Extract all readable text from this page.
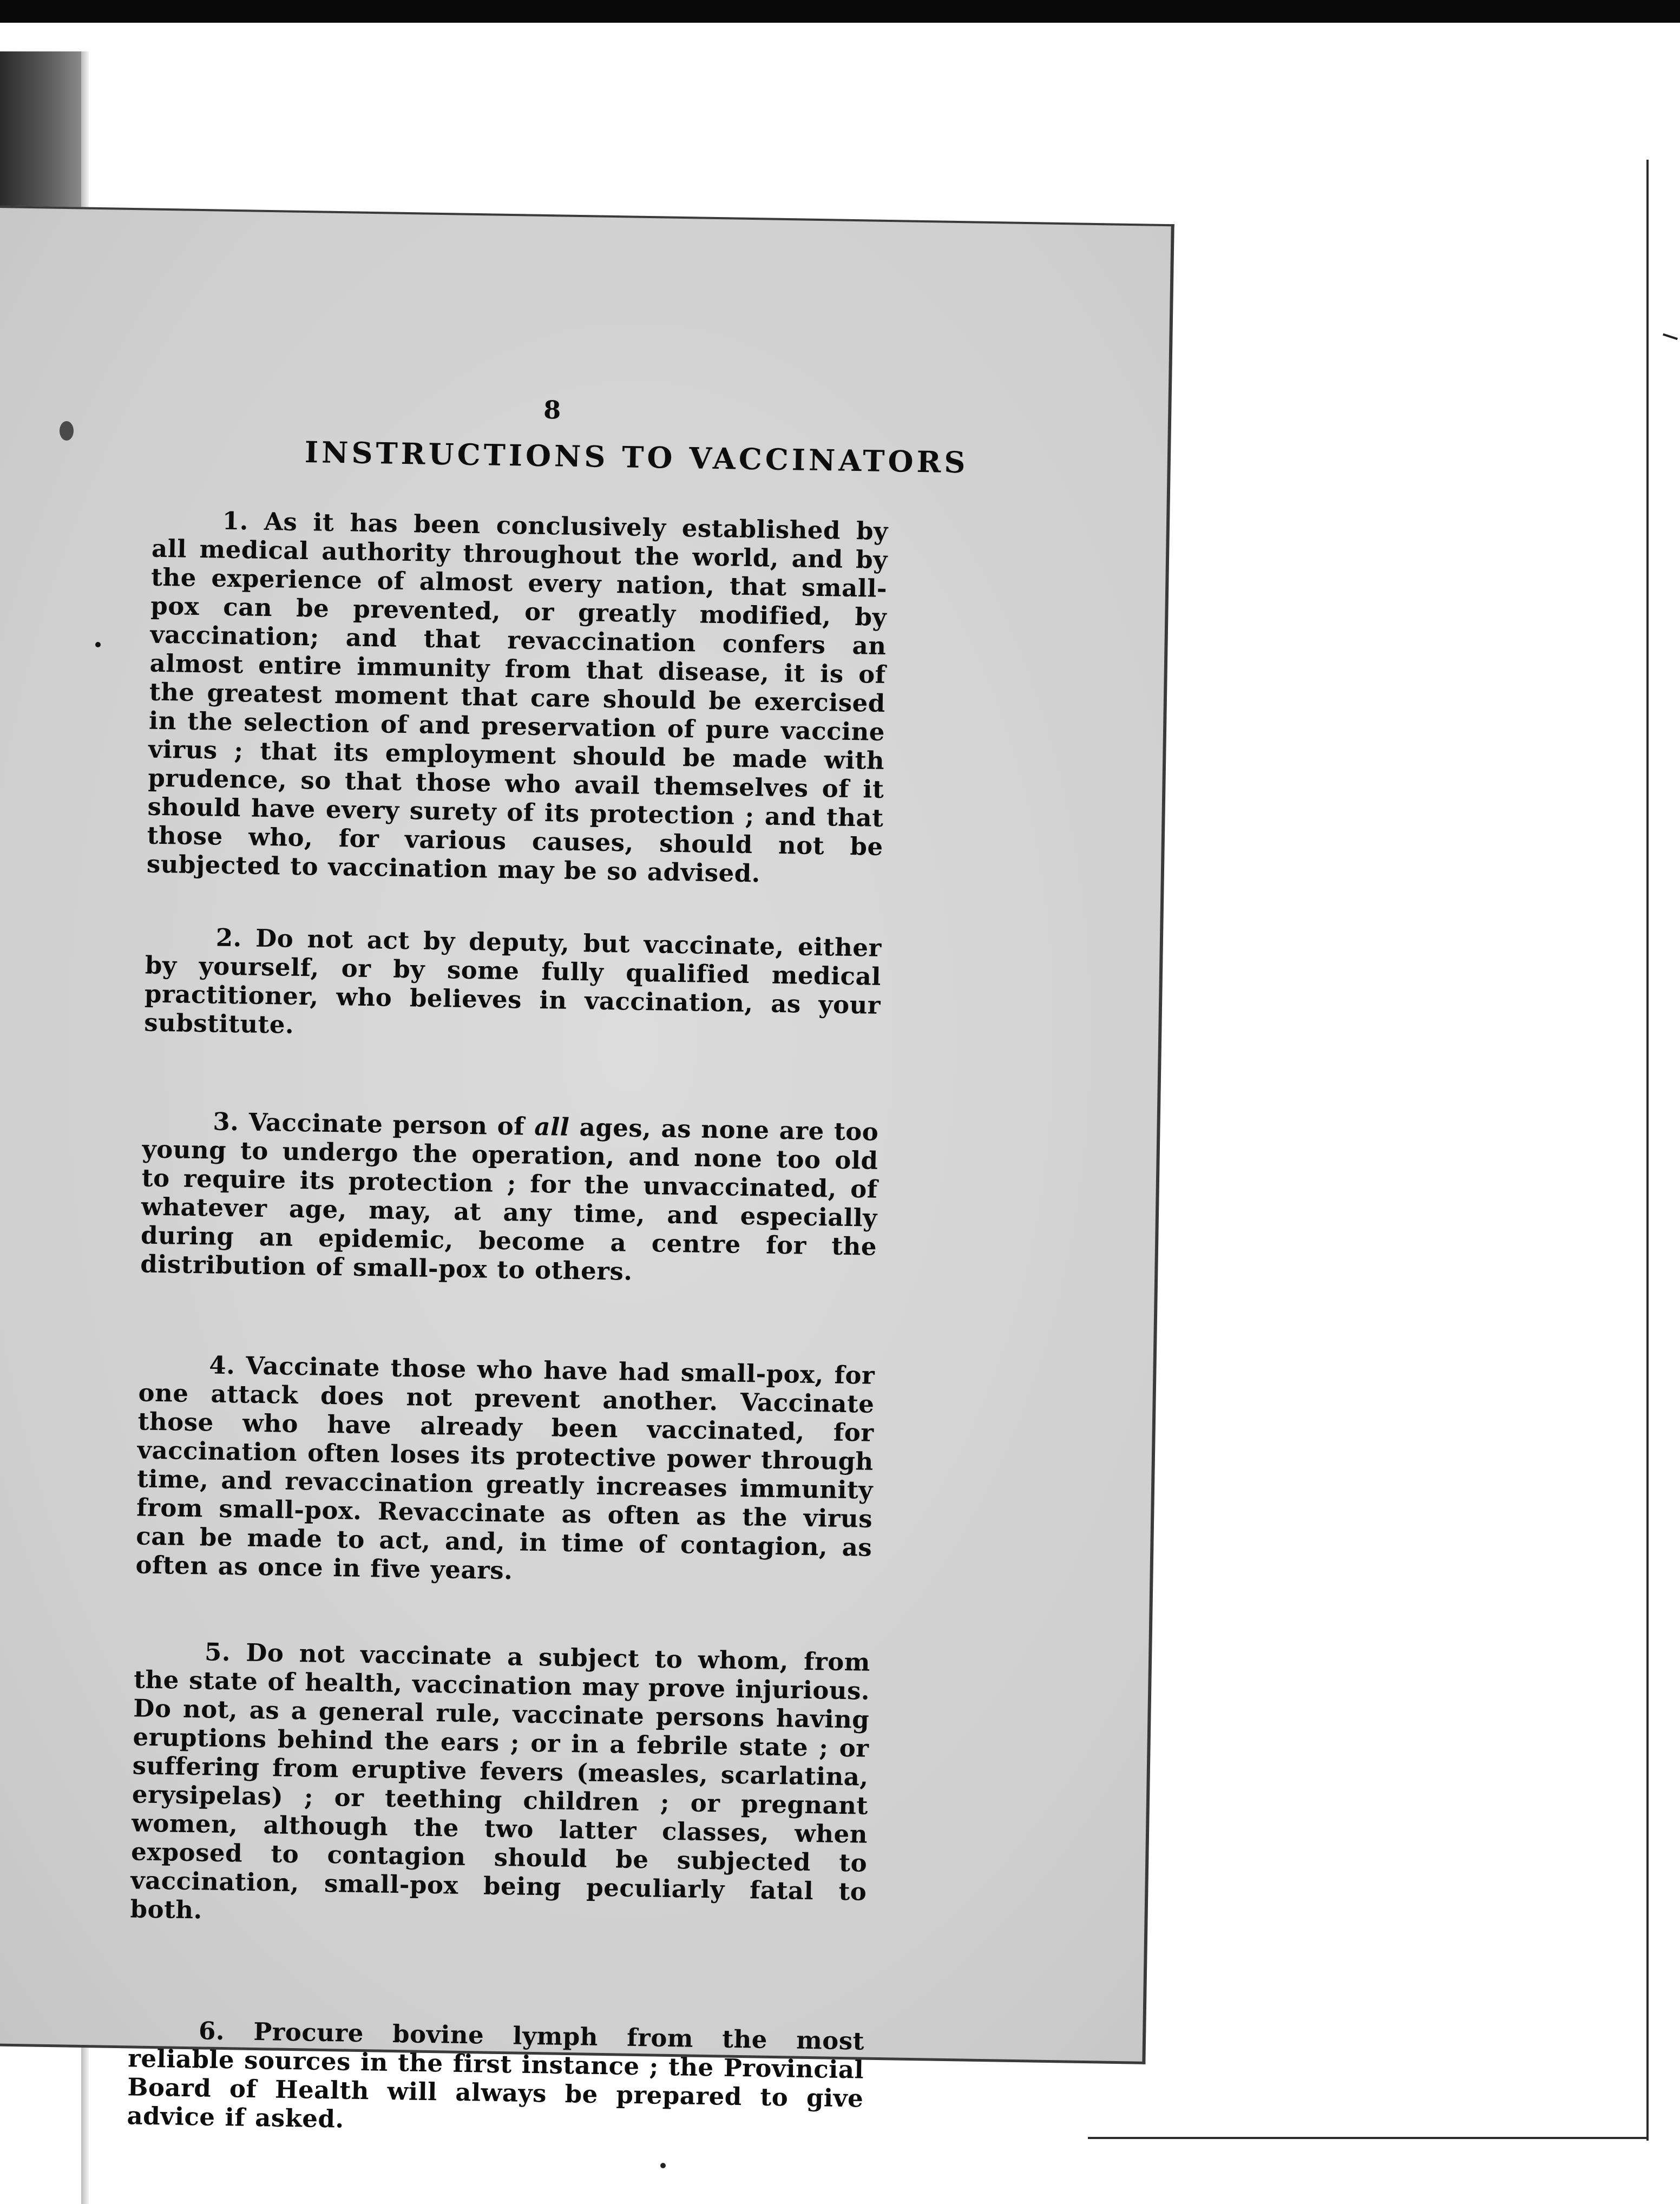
8
INSTRUCTIONS TO VACCINATORS

1. As it has been conclusively established by all medical authority throughout the world, and by the experience of almost every nation, that small-pox can be prevented, or greatly modified, by vaccination; and that revaccination confers an almost entire immunity from that disease, it is of the greatest moment that care should be exercised in the selection of and preservation of pure vaccine virus ; that its employment should be made with prudence, so that those who avail themselves of it should have every surety of its protection ; and that those who, for various causes, should not be subjected to vaccination may be so advised.

2. Do not act by deputy, but vaccinate, either by yourself, or by some fully qualified medical practitioner, who believes in vaccination, as your substitute.

3. Vaccinate person of all ages, as none are too young to undergo the operation, and none too old to require its protection ; for the unvaccinated, of whatever age, may, at any time, and especially during an epidemic, become a centre for the distribution of small-pox to others.

4. Vaccinate those who have had small-pox, for one attack does not prevent another. Vaccinate those who have already been vaccinated, for vaccination often loses its protective power through time, and revaccination greatly increases immunity from small-pox. Revaccinate as often as the virus can be made to act, and, in time of contagion, as often as once in five years.

5. Do not vaccinate a subject to whom, from the state of health, vaccination may prove injurious. Do not, as a general rule, vaccinate persons having eruptions behind the ears ; or in a febrile state ; or suffering from eruptive fevers (measles, scarlatina, erysipelas) ; or teething children ; or pregnant women, although the two latter classes, when exposed to contagion should be subjected to vaccination, small-pox being peculiarly fatal to both.

6. Procure bovine lymph from the most reliable sources in the first instance ; the Provincial Board of Health will always be prepared to give advice if asked.
